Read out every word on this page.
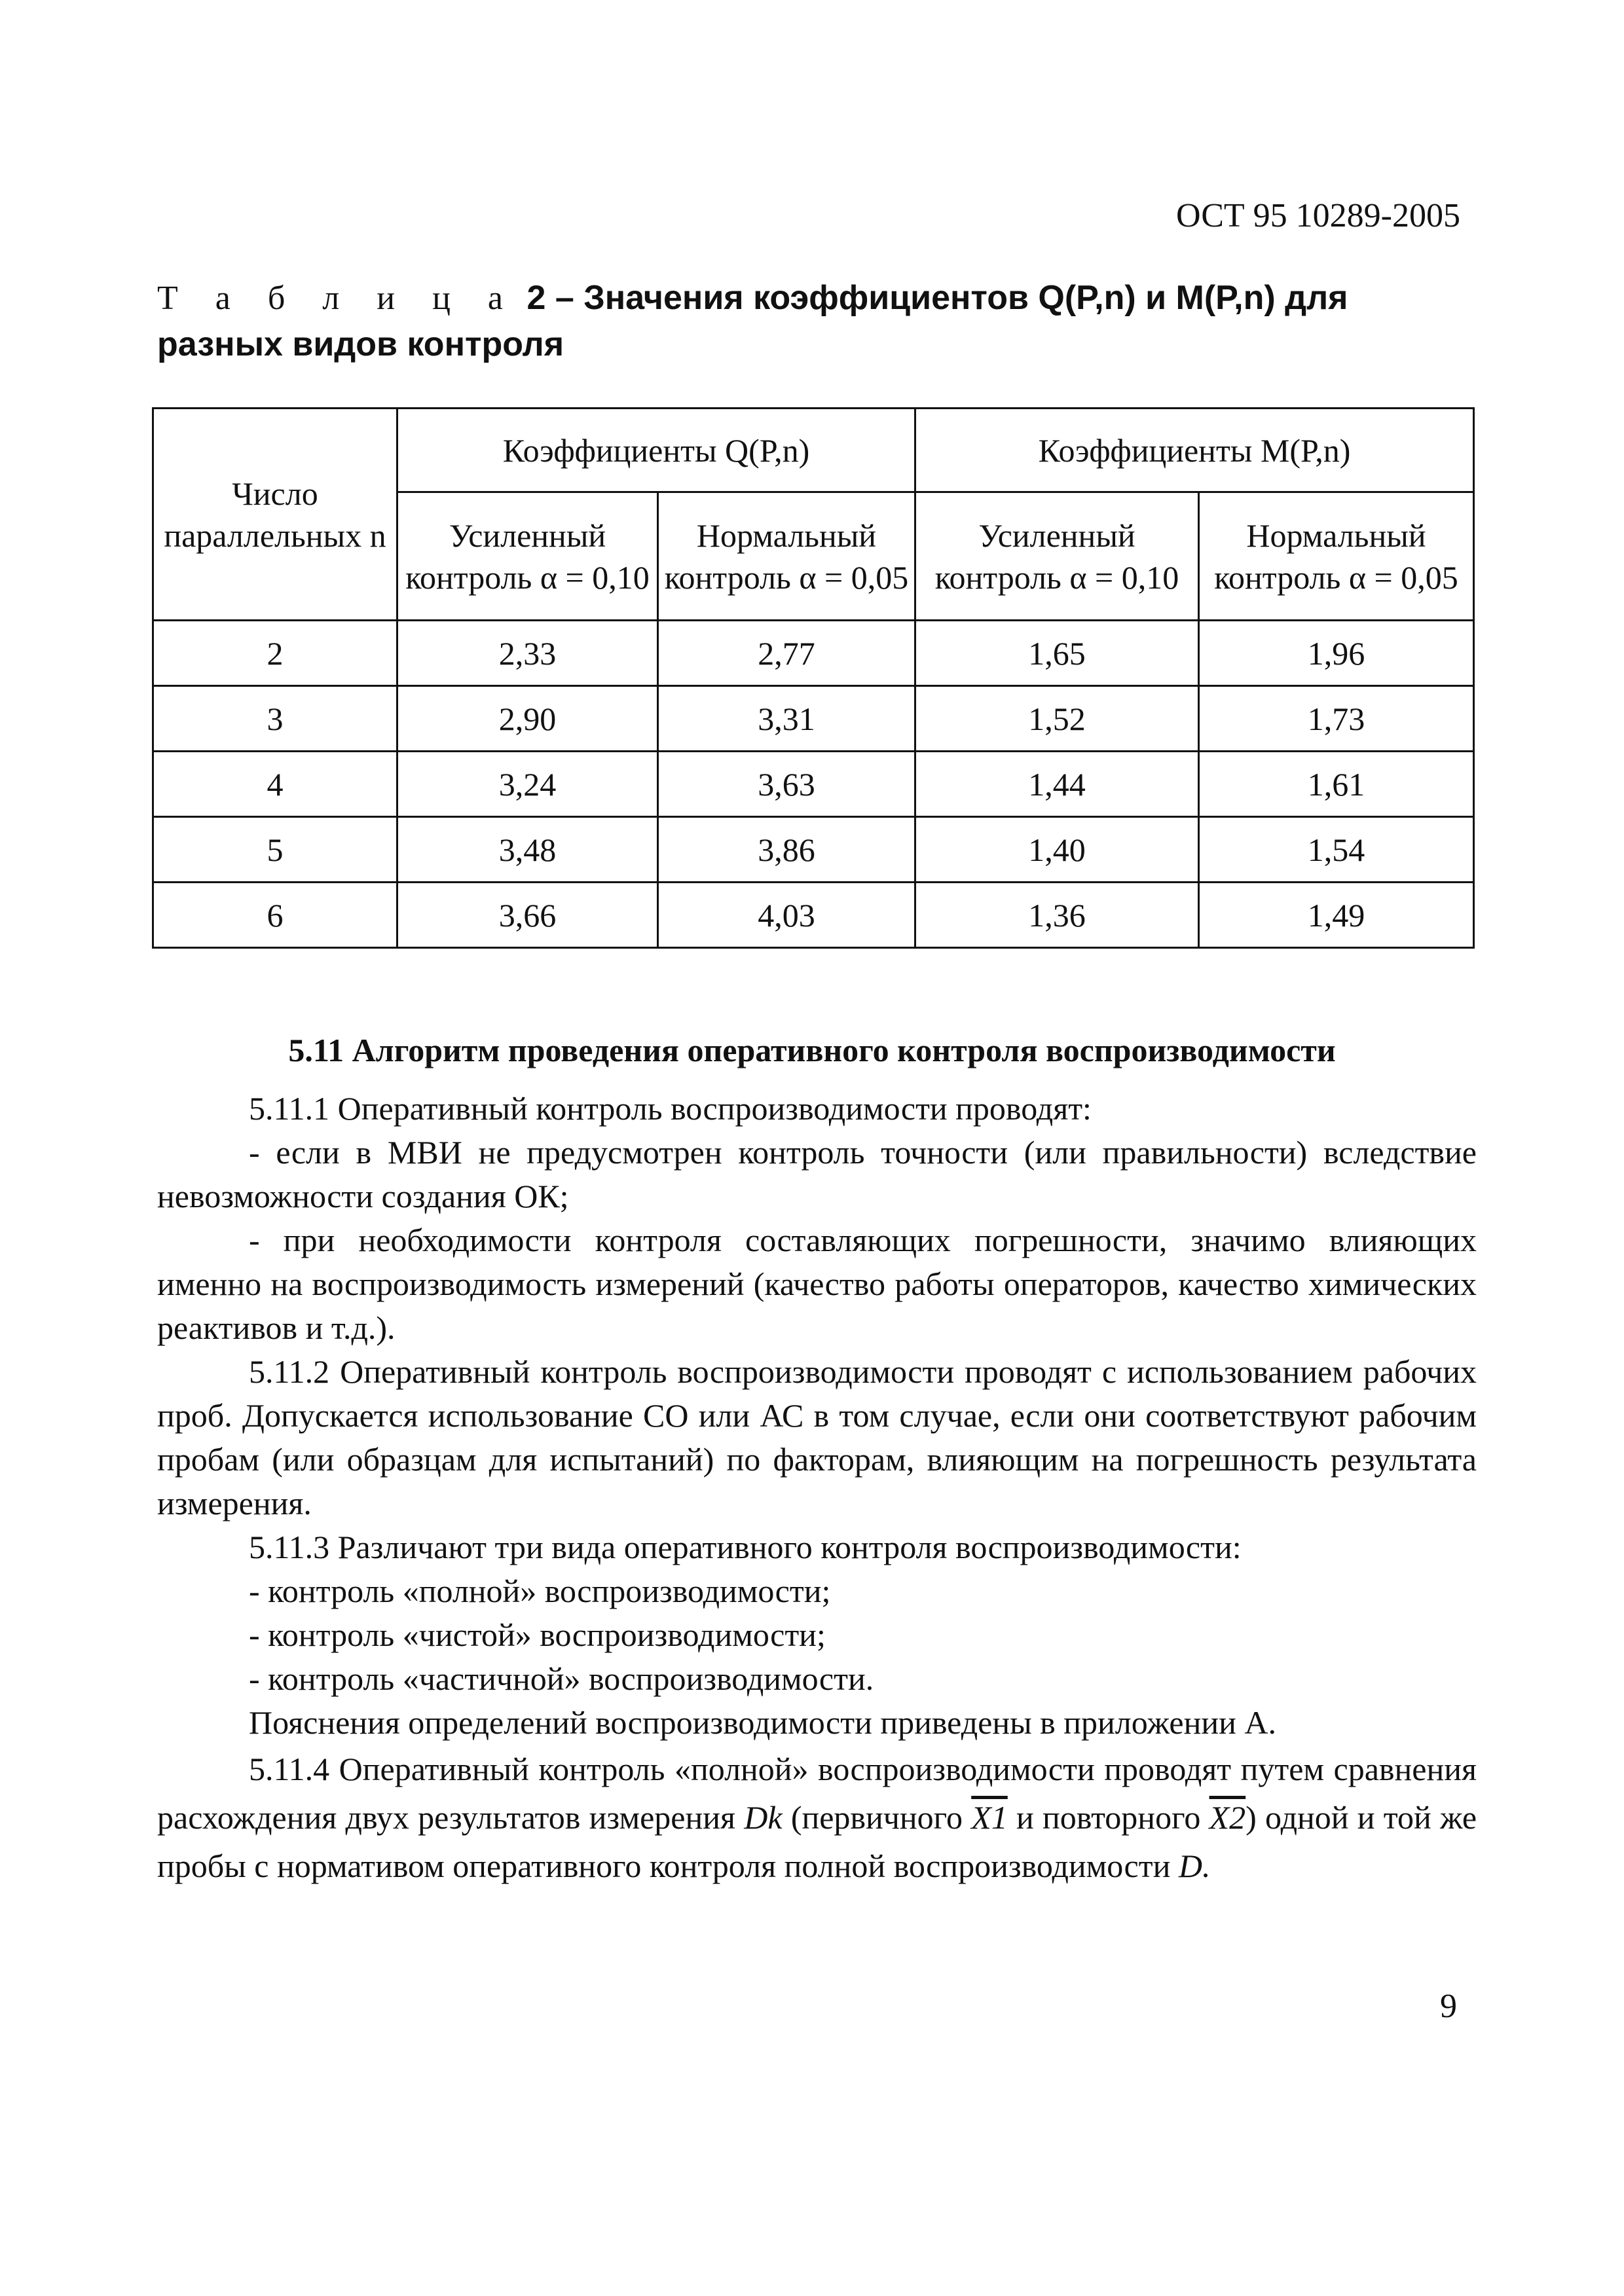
ОСТ 95 10289-2005
Т а б л и ц а 2 – Значения коэффициентов Q(P,n) и M(P,n) для разных видов контроля
Число параллельных n	Коэффициенты Q(P,n)		Коэффициенты M(P,n)	
	Усиленный контроль α = 0,10	Нормальный контроль α = 0,05	Усиленный контроль α = 0,10	Нормальный контроль α = 0,05
2	2,33	2,77	1,65	1,96
3	2,90	3,31	1,52	1,73
4	3,24	3,63	1,44	1,61
5	3,48	3,86	1,40	1,54
6	3,66	4,03	1,36	1,49
5.11 Алгоритм проведения оперативного контроля воспроизводимости

5.11.1 Оперативный контроль воспроизводимости проводят:

- если в МВИ не предусмотрен контроль точности (или правильности) вследствие невозможности создания ОК;

- при необходимости контроля составляющих погрешности, значимо влияющих именно на воспроизводимость измерений (качество работы операторов, качество химических реактивов и т.д.).

5.11.2 Оперативный контроль воспроизводимости проводят с использованием рабочих проб. Допускается использование СО или АС в том случае, если они соответствуют рабочим пробам (или образцам для испытаний) по факторам, влияющим на погрешность результата измерения.

5.11.3 Различают три вида оперативного контроля воспроизводимости:

- контроль «полной» воспроизводимости;

- контроль «чистой» воспроизводимости;

- контроль «частичной» воспроизводимости.

Пояснения определений воспроизводимости приведены в приложении А.

5.11.4 Оперативный контроль «полной» воспроизводимости проводят путем сравнения расхождения двух результатов измерения Dk (первичного X1 и повторного X2) одной и той же пробы с нормативом оперативного контроля полной воспроизводимости D.

9
